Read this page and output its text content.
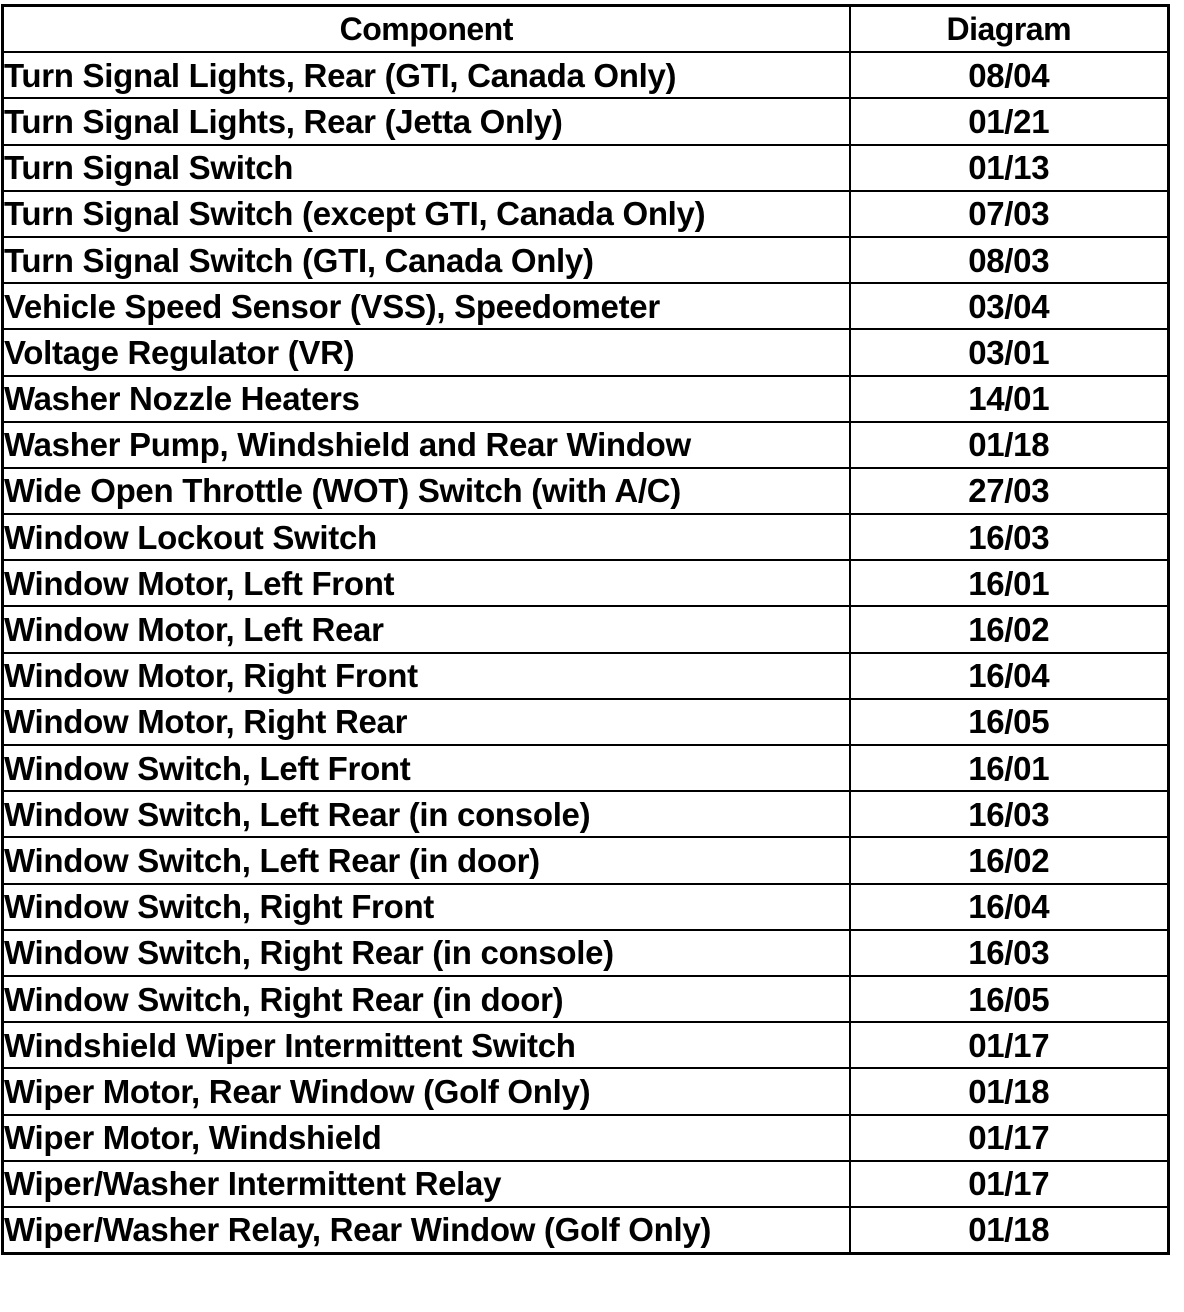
Component	Diagram
Turn Signal Lights, Rear (GTI, Canada Only)	08/04
Turn Signal Lights, Rear (Jetta Only)	01/21
Turn Signal Switch	01/13
Turn Signal Switch (except GTI, Canada Only)	07/03
Turn Signal Switch (GTI, Canada Only)	08/03
Vehicle Speed Sensor (VSS), Speedometer	03/04
Voltage Regulator (VR)	03/01
Washer Nozzle Heaters	14/01
Washer Pump, Windshield and Rear Window	01/18
Wide Open Throttle (WOT) Switch (with A/C)	27/03
Window Lockout Switch	16/03
Window Motor, Left Front	16/01
Window Motor, Left Rear	16/02
Window Motor, Right Front	16/04
Window Motor, Right Rear	16/05
Window Switch, Left Front	16/01
Window Switch, Left Rear (in console)	16/03
Window Switch, Left Rear (in door)	16/02
Window Switch, Right Front	16/04
Window Switch, Right Rear (in console)	16/03
Window Switch, Right Rear (in door)	16/05
Windshield Wiper Intermittent Switch	01/17
Wiper Motor, Rear Window (Golf Only)	01/18
Wiper Motor, Windshield	01/17
Wiper/Washer Intermittent Relay	01/17
Wiper/Washer Relay, Rear Window (Golf Only)	01/18
